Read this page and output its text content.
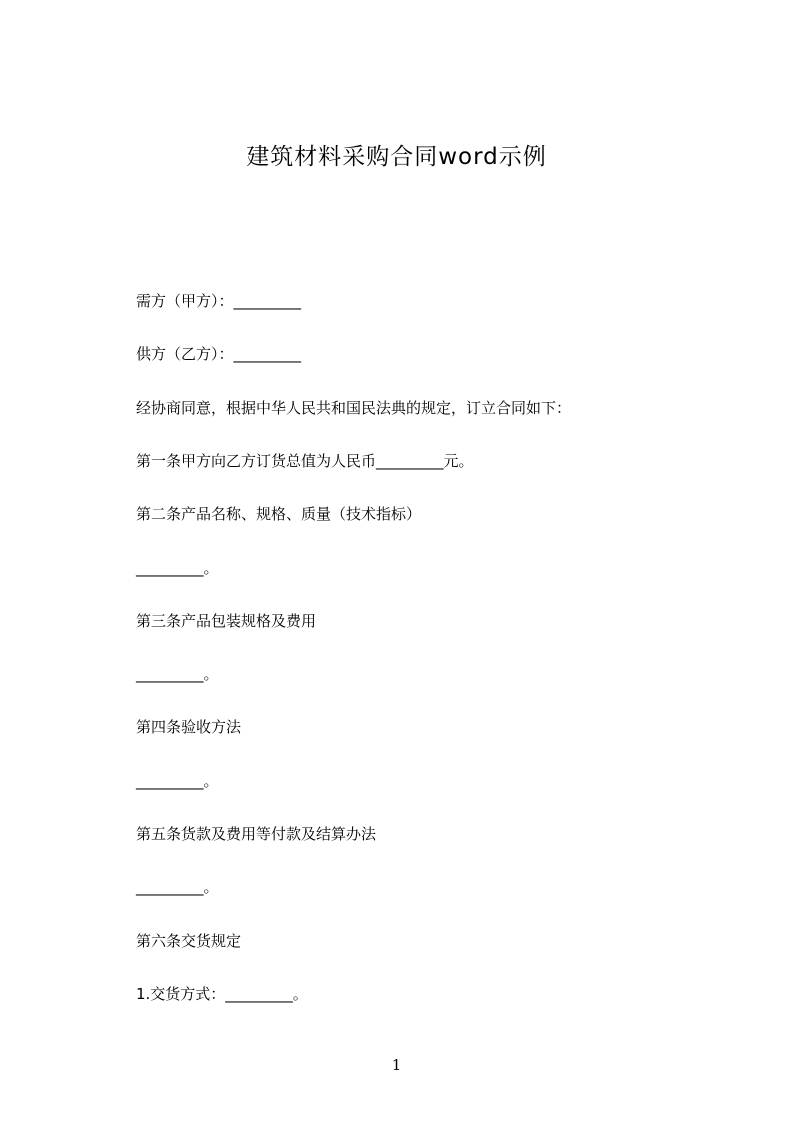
建筑材料采购合同word示例
需方（甲方）：_________
供方（乙方）：_________
经协商同意，根据中华人民共和国民法典的规定，订立合同如下：
第一条甲方向乙方订货总值为人民币_________元。
第二条产品名称、规格、质量（技术指标）
_________。
第三条产品包装规格及费用
_________。
第四条验收方法
_________。
第五条货款及费用等付款及结算办法
_________。
第六条交货规定
1.交货方式：_________。
1
